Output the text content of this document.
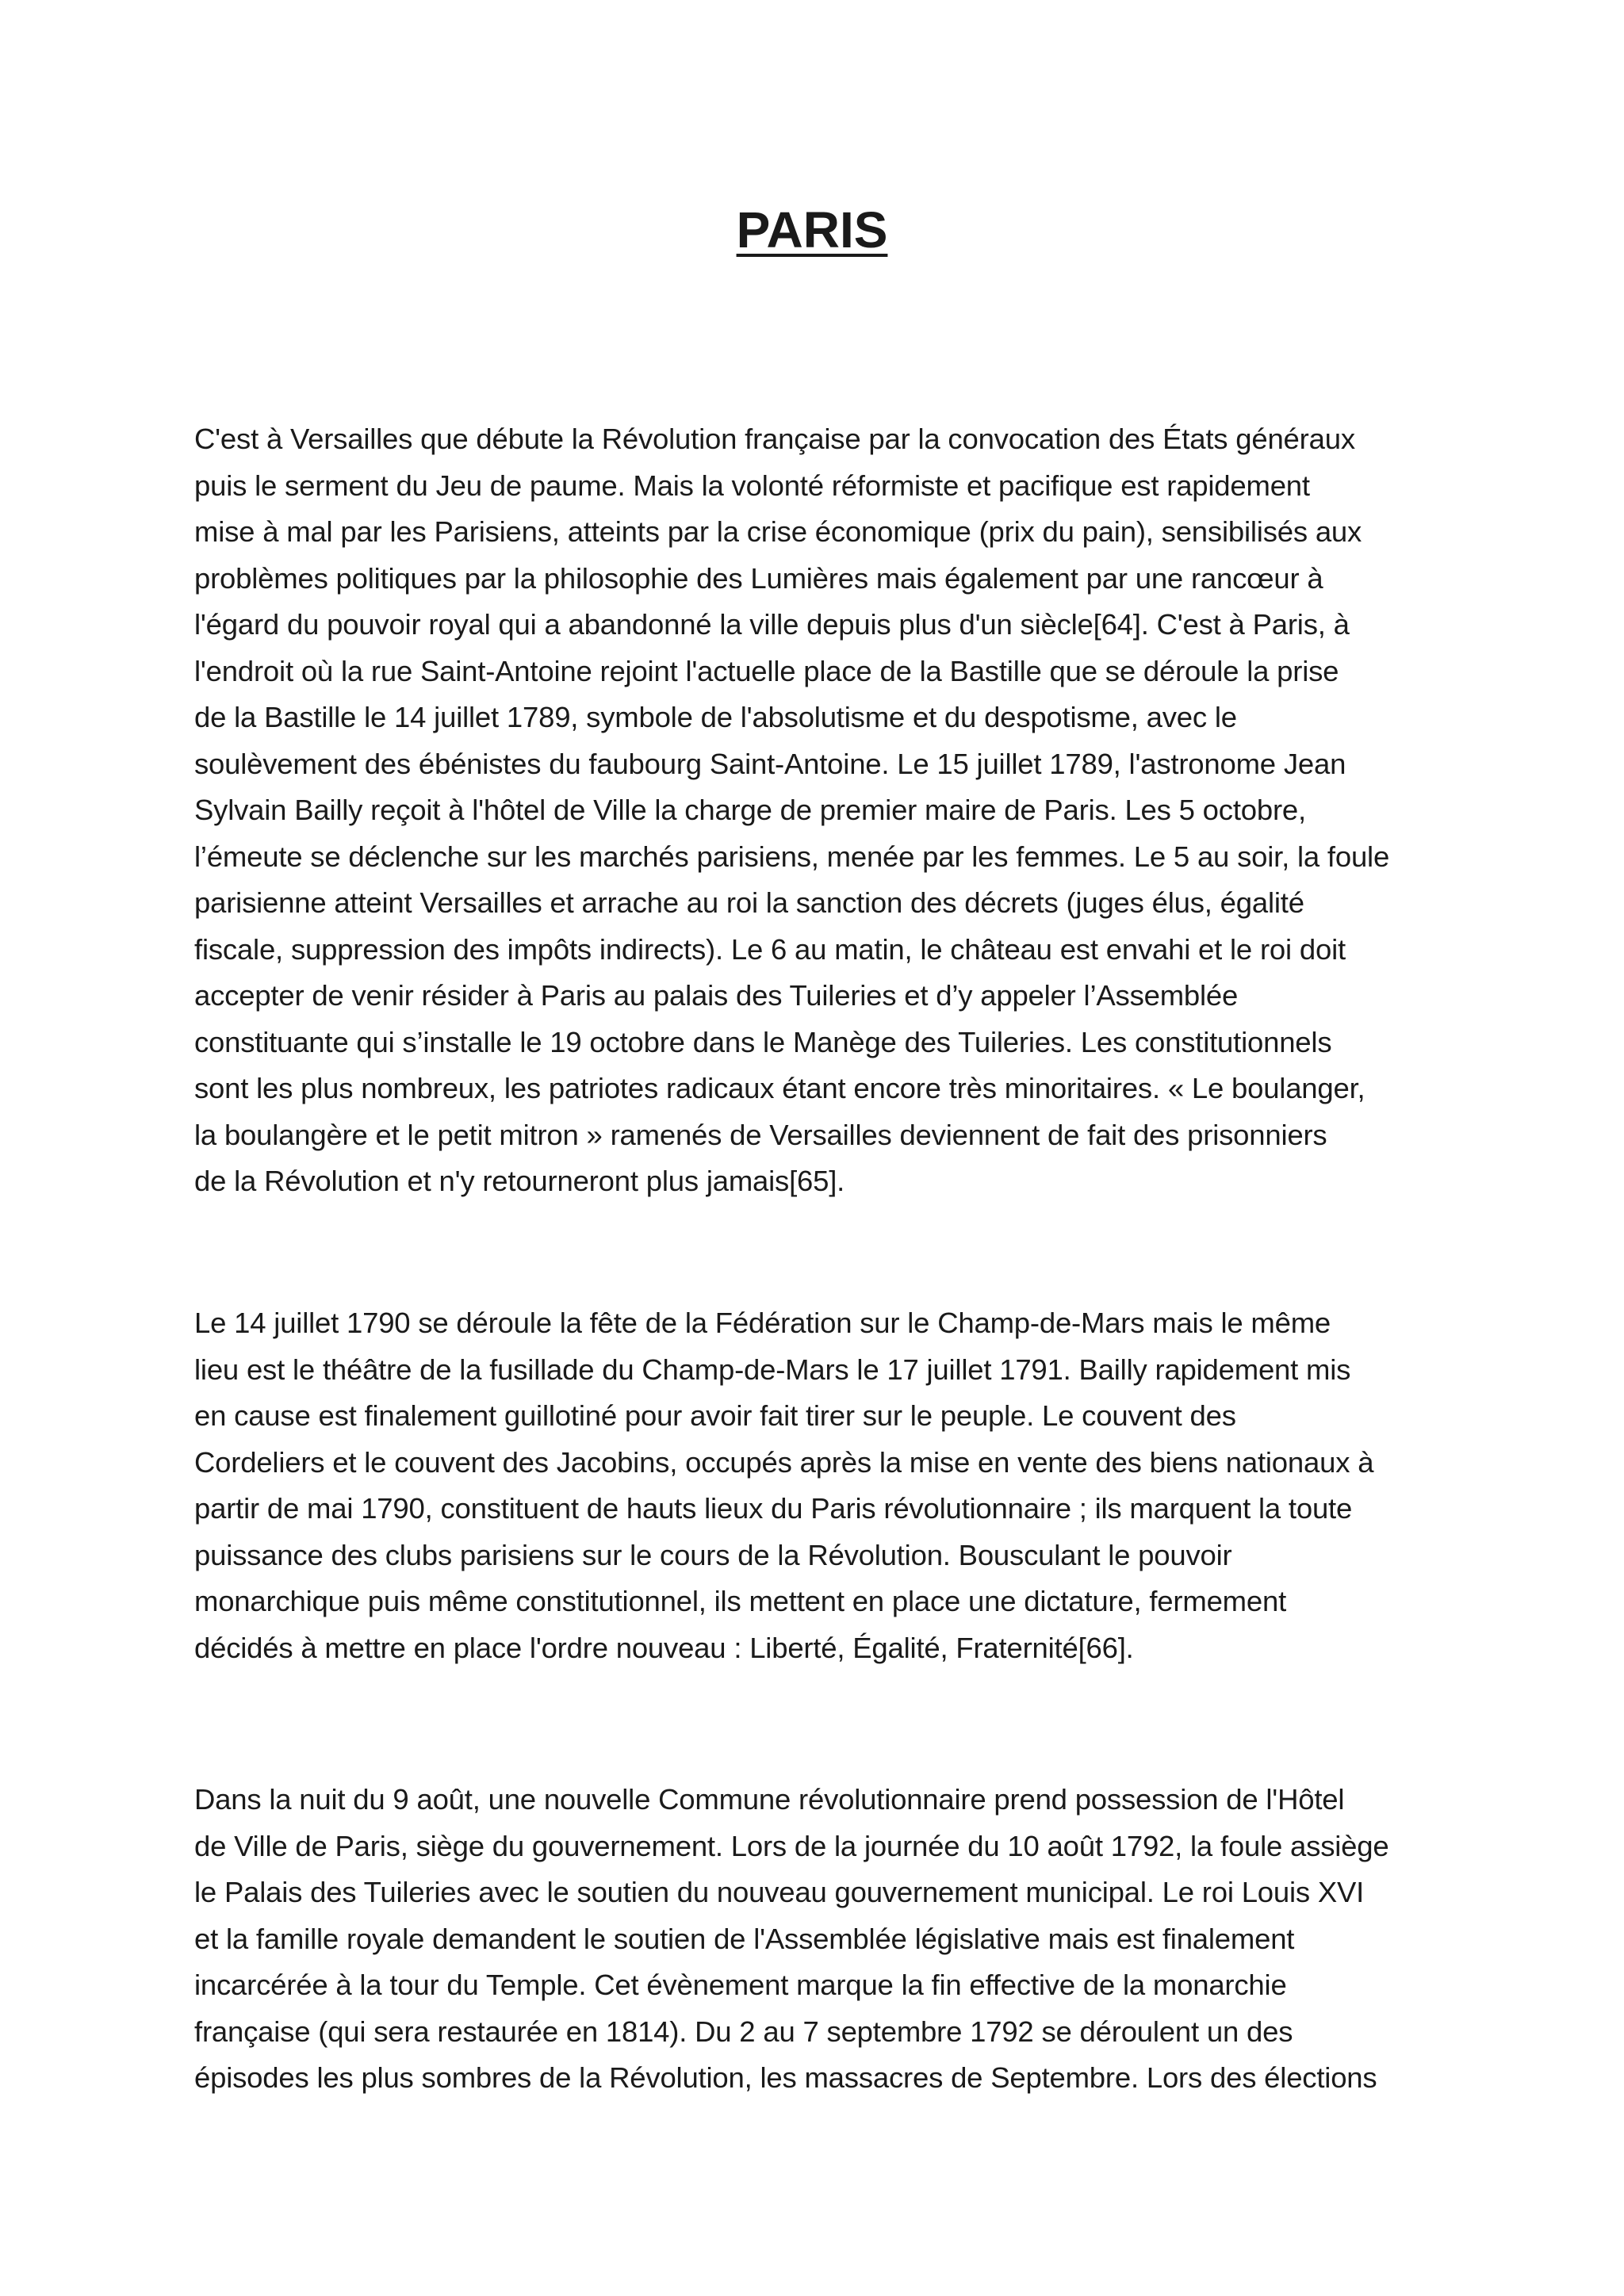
PARIS
C'est à Versailles que débute la Révolution française par la convocation des États généraux
puis le serment du Jeu de paume. Mais la volonté réformiste et pacifique est rapidement
mise à mal par les Parisiens, atteints par la crise économique (prix du pain), sensibilisés aux
problèmes politiques par la philosophie des Lumières mais également par une rancœur à
l'égard du pouvoir royal qui a abandonné la ville depuis plus d'un siècle[64]. C'est à Paris, à
l'endroit où la rue Saint-Antoine rejoint l'actuelle place de la Bastille que se déroule la prise
de la Bastille le 14 juillet 1789, symbole de l'absolutisme et du despotisme, avec le
soulèvement des ébénistes du faubourg Saint-Antoine. Le 15 juillet 1789, l'astronome Jean
Sylvain Bailly reçoit à l'hôtel de Ville la charge de premier maire de Paris. Les 5 octobre,
l’émeute se déclenche sur les marchés parisiens, menée par les femmes. Le 5 au soir, la foule
parisienne atteint Versailles et arrache au roi la sanction des décrets (juges élus, égalité
fiscale, suppression des impôts indirects). Le 6 au matin, le château est envahi et le roi doit
accepter de venir résider à Paris au palais des Tuileries et d’y appeler l’Assemblée
constituante qui s’installe le 19 octobre dans le Manège des Tuileries. Les constitutionnels
sont les plus nombreux, les patriotes radicaux étant encore très minoritaires. « Le boulanger,
la boulangère et le petit mitron » ramenés de Versailles deviennent de fait des prisonniers
de la Révolution et n'y retourneront plus jamais[65].
Le 14 juillet 1790 se déroule la fête de la Fédération sur le Champ-de-Mars mais le même
lieu est le théâtre de la fusillade du Champ-de-Mars le 17 juillet 1791. Bailly rapidement mis
en cause est finalement guillotiné pour avoir fait tirer sur le peuple. Le couvent des
Cordeliers et le couvent des Jacobins, occupés après la mise en vente des biens nationaux à
partir de mai 1790, constituent de hauts lieux du Paris révolutionnaire ; ils marquent la toute
puissance des clubs parisiens sur le cours de la Révolution. Bousculant le pouvoir
monarchique puis même constitutionnel, ils mettent en place une dictature, fermement
décidés à mettre en place l'ordre nouveau : Liberté, Égalité, Fraternité[66].
Dans la nuit du 9 août, une nouvelle Commune révolutionnaire prend possession de l'Hôtel
de Ville de Paris, siège du gouvernement. Lors de la journée du 10 août 1792, la foule assiège
le Palais des Tuileries avec le soutien du nouveau gouvernement municipal. Le roi Louis XVI
et la famille royale demandent le soutien de l'Assemblée législative mais est finalement
incarcérée à la tour du Temple. Cet évènement marque la fin effective de la monarchie
française (qui sera restaurée en 1814). Du 2 au 7 septembre 1792 se déroulent un des
épisodes les plus sombres de la Révolution, les massacres de Septembre. Lors des élections
